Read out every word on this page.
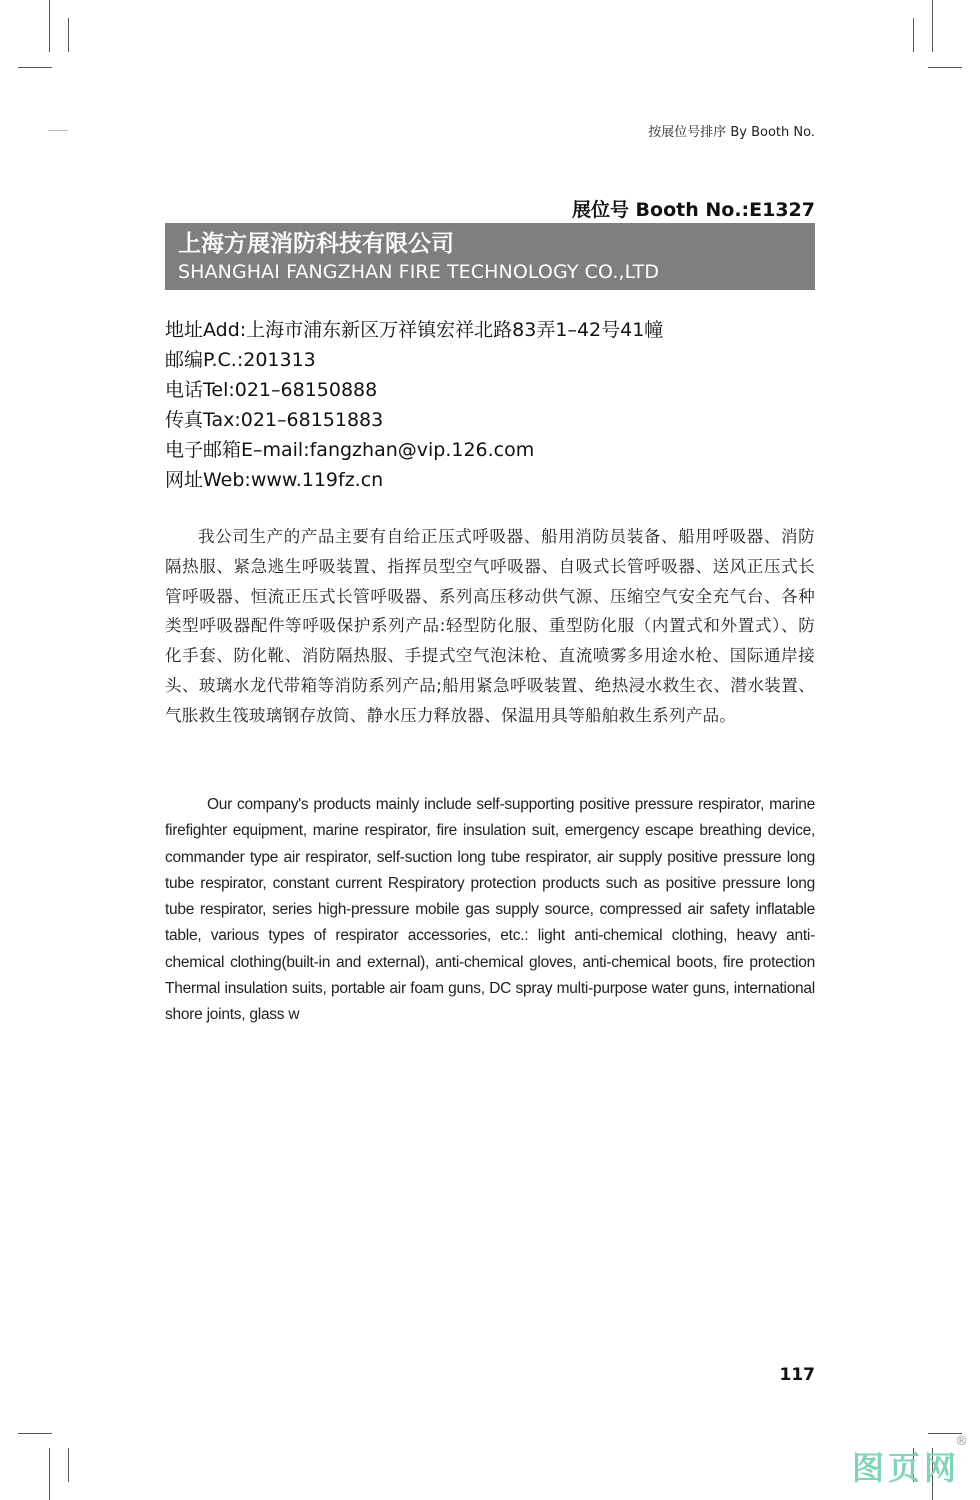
按展位号排序 By Booth No.
展位号 Booth No.:E1327
上海方展消防科技有限公司
SHANGHAI FANGZHAN FIRE TECHNOLOGY CO.,LTD
地址Add:上海市浦东新区万祥镇宏祥北路83弄1–42号41幢
邮编P.C.:201313
电话Tel:021–68150888
传真Tax:021–68151883
电子邮箱E–mail:fangzhan@vip.126.com
网址Web:www.119fz.cn

我公司生产的产品主要有自给正压式呼吸器、船用消防员装备、船用呼吸器、消防隔热服、紧急逃生呼吸装置、指挥员型空气呼吸器、自吸式长管呼吸器、送风正压式长管呼吸器、恒流正压式长管呼吸器、系列高压移动供气源、压缩空气安全充气台、各种类型呼吸器配件等呼吸保护系列产品:轻型防化服、重型防化服（内置式和外置式）、防化手套、防化靴、消防隔热服、手提式空气泡沫枪、直流喷雾多用途水枪、国际通岸接头、玻璃水龙代带箱等消防系列产品;船用紧急呼吸装置、绝热浸水救生衣、潜水装置、气胀救生筏玻璃钢存放筒、静水压力释放器、保温用具等船舶救生系列产品。

Our company's products mainly include self-supporting positive pressure respirator, marine firefighter equipment, marine respirator, fire insulation suit, emergency escape breathing device, commander type air respirator, self-suction long tube respirator, air supply positive pressure long tube respirator, constant current Respiratory protection products such as positive pressure long tube respirator, series high-pressure mobile gas supply source, compressed air safety inflatable table, various types of respirator accessories, etc.: light anti-chemical clothing, heavy anti-chemical clothing(built-in and external), anti-chemical gloves, anti-chemical boots, fire protection Thermal insulation suits, portable air foam guns, DC spray multi-purpose water guns, international shore joints, glass w

117
图页网
®
